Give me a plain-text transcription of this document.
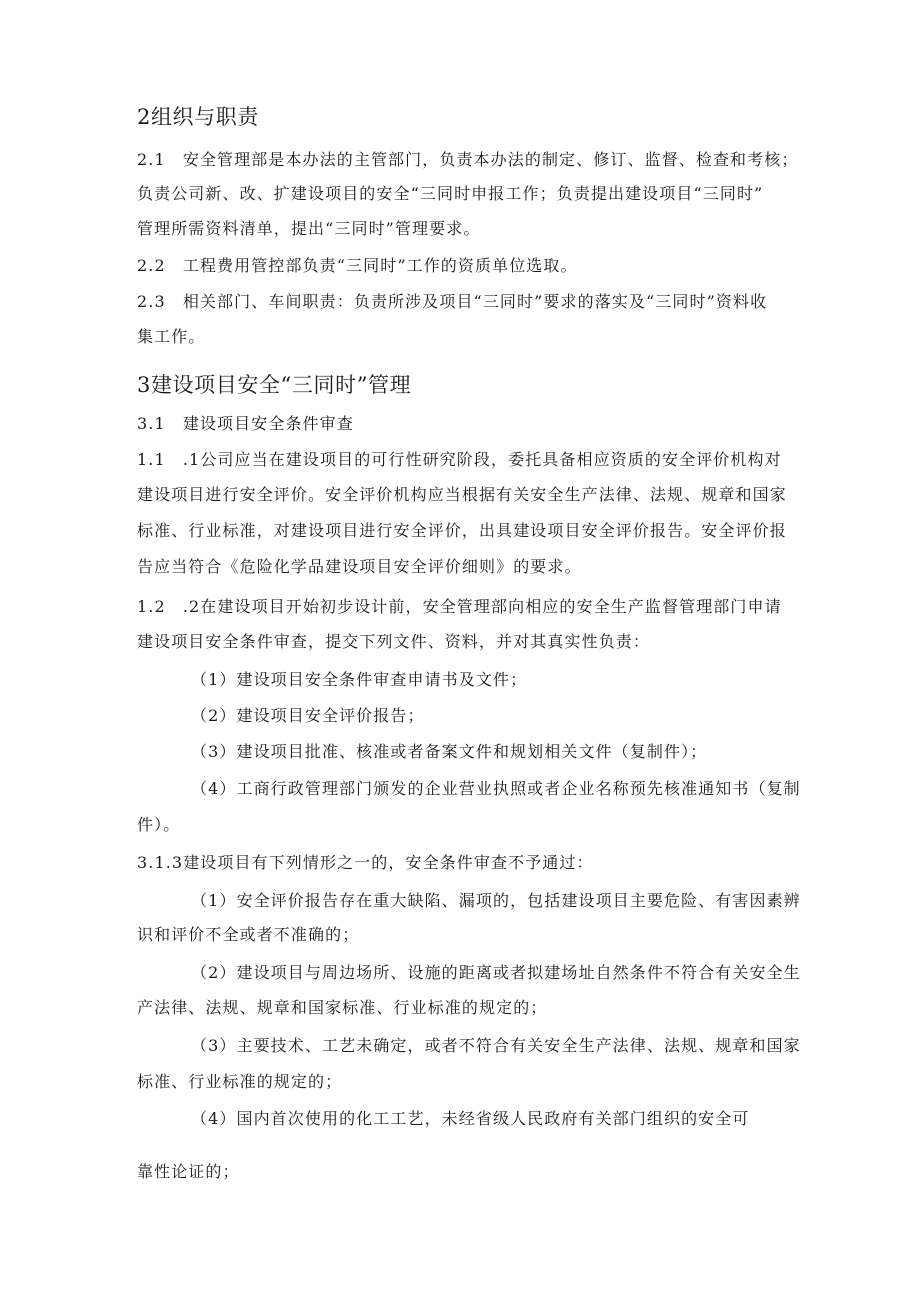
2组织与职责
2.1　安全管理部是本办法的主管部门，负责本办法的制定、修订、监督、检查和考核；
负责公司新、改、扩建设项目的安全“三同时申报工作；负责提出建设项目“三同时”
管理所需资料清单，提出“三同时”管理要求。
2.2　工程费用管控部负责“三同时”工作的资质单位选取。
2.3　相关部门、车间职责：负责所涉及项目“三同时”要求的落实及“三同时”资料收
集工作。
3建设项目安全“三同时”管理
3.1　建设项目安全条件审查
1.1　.1公司应当在建设项目的可行性研究阶段，委托具备相应资质的安全评价机构对
建设项目进行安全评价。安全评价机构应当根据有关安全生产法律、法规、规章和国家
标准、行业标准，对建设项目进行安全评价，出具建设项目安全评价报告。安全评价报
告应当符合《危险化学品建设项目安全评价细则》的要求。
1.2　.2在建设项目开始初步设计前，安全管理部向相应的安全生产监督管理部门申请
建设项目安全条件审查，提交下列文件、资料，并对其真实性负责：
（1）建设项目安全条件审查申请书及文件；
（2）建设项目安全评价报告；
（3）建设项目批准、核准或者备案文件和规划相关文件（复制件）；
（4）工商行政管理部门颁发的企业营业执照或者企业名称预先核准通知书（复制
件）。
3.1.3建设项目有下列情形之一的，安全条件审查不予通过：
（1）安全评价报告存在重大缺陷、漏项的，包括建设项目主要危险、有害因素辨
识和评价不全或者不准确的；
（2）建设项目与周边场所、设施的距离或者拟建场址自然条件不符合有关安全生
产法律、法规、规章和国家标准、行业标准的规定的；
（3）主要技术、工艺未确定，或者不符合有关安全生产法律、法规、规章和国家
标准、行业标准的规定的；
（4）国内首次使用的化工工艺，未经省级人民政府有关部门组织的安全可
靠性论证的；
